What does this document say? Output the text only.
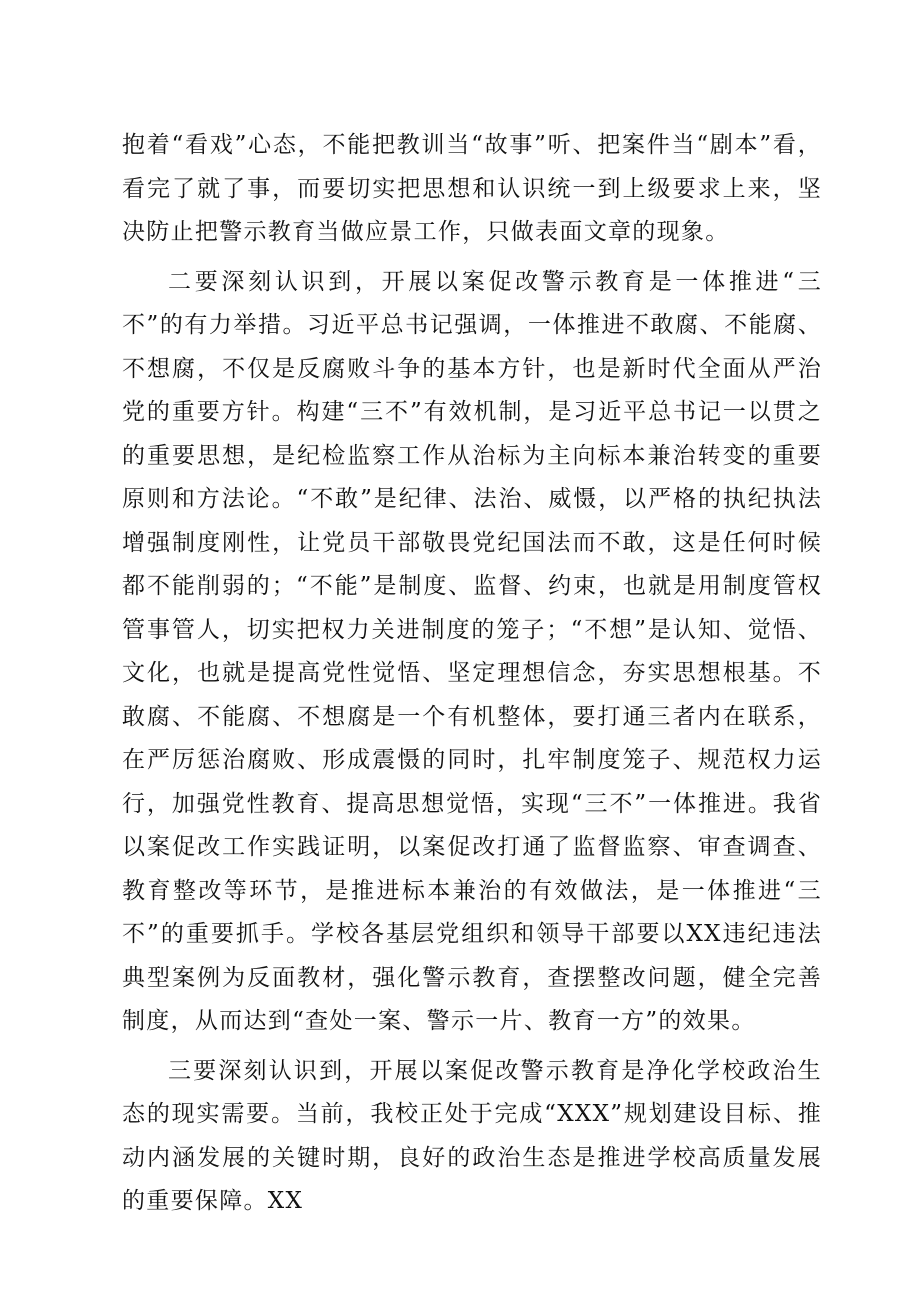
抱着“看戏”心态，不能把教训当“故事”听、把案件当“剧本”看，看完了就了事，而要切实把思想和认识统一到上级要求上来，坚决防止把警示教育当做应景工作，只做表面文章的现象。

二要深刻认识到，开展以案促改警示教育是一体推进“三不”的有力举措。习近平总书记强调，一体推进不敢腐、不能腐、不想腐，不仅是反腐败斗争的基本方针，也是新时代全面从严治党的重要方针。构建“三不”有效机制，是习近平总书记一以贯之的重要思想，是纪检监察工作从治标为主向标本兼治转变的重要原则和方法论。“不敢”是纪律、法治、威慑，以严格的执纪执法增强制度刚性，让党员干部敬畏党纪国法而不敢，这是任何时候都不能削弱的；“不能”是制度、监督、约束，也就是用制度管权管事管人，切实把权力关进制度的笼子；“不想”是认知、觉悟、文化，也就是提高党性觉悟、坚定理想信念，夯实思想根基。不敢腐、不能腐、不想腐是一个有机整体，要打通三者内在联系，在严厉惩治腐败、形成震慑的同时，扎牢制度笼子、规范权力运行，加强党性教育、提高思想觉悟，实现“三不”一体推进。我省以案促改工作实践证明，以案促改打通了监督监察、审查调查、教育整改等环节，是推进标本兼治的有效做法，是一体推进“三不”的重要抓手。学校各基层党组织和领导干部要以XX违纪违法典型案例为反面教材，强化警示教育，查摆整改问题，健全完善制度，从而达到“查处一案、警示一片、教育一方”的效果。

三要深刻认识到，开展以案促改警示教育是净化学校政治生态的现实需要。当前，我校正处于完成“XXX”规划建设目标、推动内涵发展的关键时期，良好的政治生态是推进学校高质量发展的重要保障。XX
